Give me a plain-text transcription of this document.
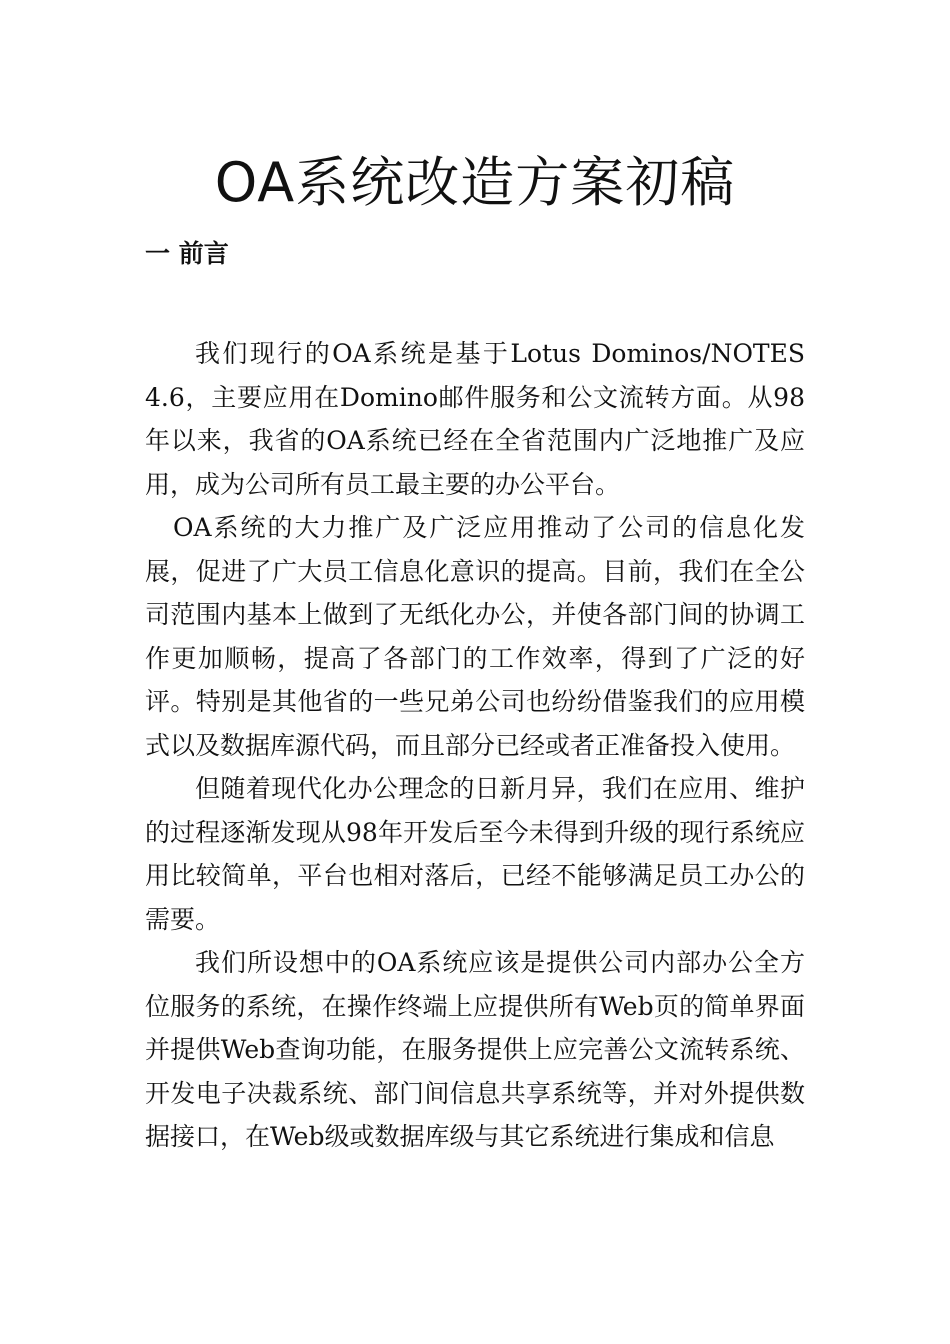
OA系统改造方案初稿
一 前言

我们现行的OA系统是基于Lotus Dominos/NOTES 4.6，主要应用在Domino邮件服务和公文流转方面。从98年以来，我省的OA系统已经在全省范围内广泛地推广及应用，成为公司所有员工最主要的办公平台。

OA系统的大力推广及广泛应用推动了公司的信息化发展，促进了广大员工信息化意识的提高。目前，我们在全公司范围内基本上做到了无纸化办公，并使各部门间的协调工作更加顺畅，提高了各部门的工作效率，得到了广泛的好评。特别是其他省的一些兄弟公司也纷纷借鉴我们的应用模式以及数据库源代码，而且部分已经或者正准备投入使用。

但随着现代化办公理念的日新月异，我们在应用、维护的过程逐渐发现从98年开发后至今未得到升级的现行系统应用比较简单，平台也相对落后，已经不能够满足员工办公的需要。

我们所设想中的OA系统应该是提供公司内部办公全方位服务的系统，在操作终端上应提供所有Web页的简单界面并提供Web查询功能，在服务提供上应完善公文流转系统、开发电子决裁系统、部门间信息共享系统等，并对外提供数据接口，在Web级或数据库级与其它系统进行集成和信息
